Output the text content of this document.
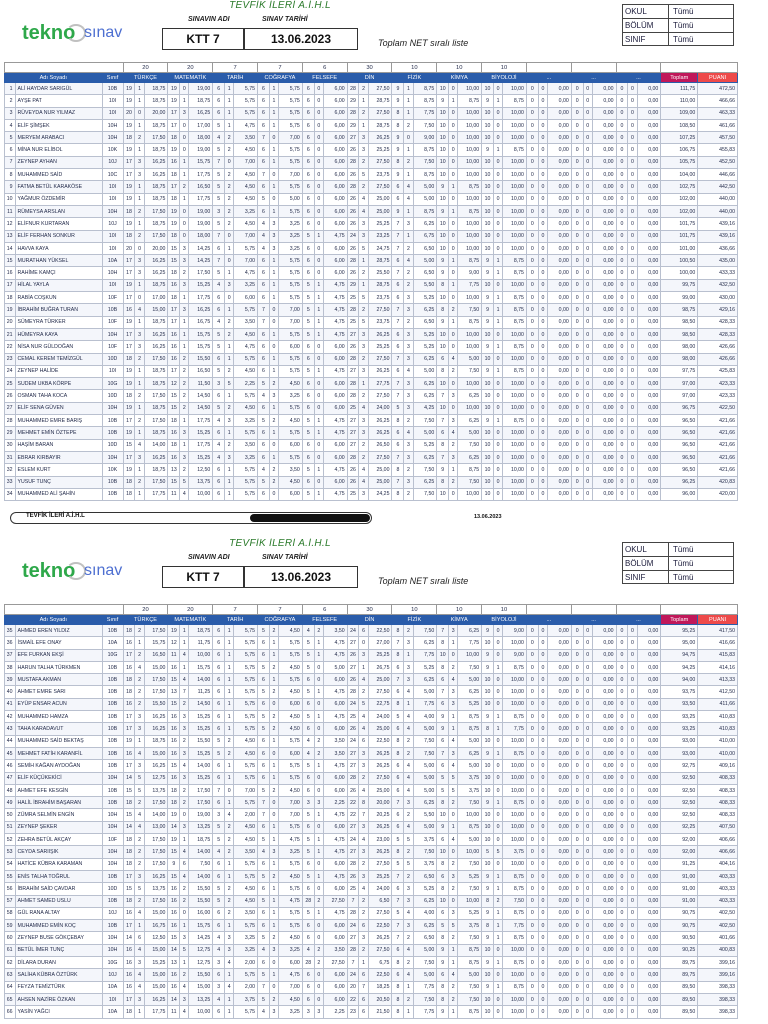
TEVFİK İLERİ A.İ.H.L
tekno sınav
SINAVIN ADI	SINAV TARİHİ
KTT 7	13.06.2023	Toplam NET sıralı liste
OKUL	Tümü
BÖLÜM	Tümü
SINIF	Tümü
			20			20			7			7			6			30			10			10			10													
Adı Soyadı		Sınıf	TÜRKÇE			MATEMATİK			TARİH			COĞRAFYA			FELSEFE			DİN			FİZİK			KİMYA			BİYOLOJİ			...			...			...			Toplam	PUANI
1	ALİ HAYDAR SARIGÜL	10B	19	1	18,75	19	0	19,00	6	1	5,75	6	1	5,75	6	0	6,00	28	2	27,50	9	1	8,75	10	0	10,00	10	0	10,00	0	0	0,00	0	0	0,00	0	0	0,00	111,75	472,50
2	AYŞE PAT	10I	19	1	18,75	19	1	18,75	6	1	5,75	6	1	5,75	6	0	6,00	29	1	28,75	9	1	8,75	9	1	8,75	9	1	8,75	0	0	0,00	0	0	0,00	0	0	0,00	110,00	466,66
3	RÜVEYDA NUR YILMAZ	10I	20	0	20,00	17	3	16,25	6	1	5,75	6	1	5,75	6	0	6,00	28	2	27,50	8	1	7,75	10	0	10,00	10	0	10,00	0	0	0,00	0	0	0,00	0	0	0,00	109,00	463,33
4	ELİF ŞİMŞEK	10H	19	1	18,75	17	0	17,00	5	1	4,75	6	1	5,75	6	0	6,00	29	1	28,75	8	2	7,50	10	0	10,00	10	0	10,00	0	0	0,00	0	0	0,00	0	0	0,00	108,50	461,66
5	MERYEM ARABACI	10H	18	2	17,50	18	0	18,00	4	2	3,50	7	0	7,00	6	0	6,00	27	3	26,25	9	0	9,00	10	0	10,00	10	0	10,00	0	0	0,00	0	0	0,00	0	0	0,00	107,25	457,50
6	MİNA NUR ELİBOL	10K	19	1	18,75	19	0	19,00	5	2	4,50	6	1	5,75	6	0	6,00	26	3	25,25	9	1	8,75	10	0	10,00	9	1	8,75	0	0	0,00	0	0	0,00	0	0	0,00	106,75	455,83
7	ZEYNEP AYHAN	10J	17	3	16,25	16	1	15,75	7	0	7,00	6	1	5,75	6	0	6,00	28	2	27,50	8	2	7,50	10	0	10,00	10	0	10,00	0	0	0,00	0	0	0,00	0	0	0,00	105,75	452,50
8	MUHAMMED SAİD	10C	17	3	16,25	18	1	17,75	5	2	4,50	7	0	7,00	6	0	6,00	26	5	23,75	9	1	8,75	10	0	10,00	10	0	10,00	0	0	0,00	0	0	0,00	0	0	0,00	104,00	446,66
9	FATMA BETÜL KARAKÖSE	10I	19	1	18,75	17	2	16,50	5	2	4,50	6	1	5,75	6	0	6,00	28	2	27,50	6	4	5,00	9	1	8,75	10	0	10,00	0	0	0,00	0	0	0,00	0	0	0,00	102,75	442,50
10	YAĞMUR ÖZDEMİR	10I	19	1	18,75	18	1	17,75	5	2	4,50	5	0	5,00	6	0	6,00	26	4	25,00	6	4	5,00	10	0	10,00	10	0	10,00	0	0	0,00	0	0	0,00	0	0	0,00	102,00	440,00
11	RÜMEYSA ARSLAN	10H	18	2	17,50	19	0	19,00	3	2	3,25	6	1	5,75	6	0	6,00	26	4	25,00	9	1	8,75	9	1	8,75	10	0	10,00	0	0	0,00	0	0	0,00	0	0	0,00	102,00	440,00
12	ELİFNUR KURTARAN	10J	19	1	18,75	19	0	19,00	5	2	4,50	4	3	3,25	6	0	6,00	26	3	25,25	7	3	6,25	10	0	10,00	10	0	10,00	0	0	0,00	0	0	0,00	0	0	0,00	101,75	439,16
13	ELİF FERHAN SONKUR	10I	18	2	17,50	18	0	18,00	7	0	7,00	4	3	3,25	5	1	4,75	24	3	23,25	7	1	6,75	10	0	10,00	10	0	10,00	0	0	0,00	0	0	0,00	0	0	0,00	101,75	439,16
14	HAVVA KAYA	10I	20	0	20,00	15	3	14,25	6	1	5,75	4	3	3,25	6	0	6,00	26	5	24,75	7	2	6,50	10	0	10,00	10	0	10,00	0	0	0,00	0	0	0,00	0	0	0,00	101,00	436,66
15	MURATHAN YÜKSEL	10A	17	3	16,25	15	3	14,25	7	0	7,00	6	1	5,75	6	0	6,00	28	1	28,75	6	4	5,00	9	1	8,75	9	1	8,75	0	0	0,00	0	0	0,00	0	0	0,00	100,50	435,00
16	RAHİME KAMÇI	10H	17	3	16,25	18	2	17,50	5	1	4,75	6	1	5,75	6	0	6,00	26	2	25,50	7	2	6,50	9	0	9,00	9	1	8,75	0	0	0,00	0	0	0,00	0	0	0,00	100,00	433,33
17	HİLAL YAYLA	10I	19	1	18,75	16	3	15,25	4	3	3,25	6	1	5,75	5	1	4,75	29	1	28,75	6	2	5,50	8	1	7,75	10	0	10,00	0	0	0,00	0	0	0,00	0	0	0,00	99,75	432,50
18	RABİA COŞKUN	10F	17	0	17,00	18	1	17,75	6	0	6,00	6	1	5,75	5	1	4,75	25	5	23,75	6	3	5,25	10	0	10,00	9	1	8,75	0	0	0,00	0	0	0,00	0	0	0,00	99,00	430,00
19	İBRAHİM BUĞRA TURAN	10B	16	4	15,00	17	3	16,25	6	1	5,75	7	0	7,00	5	1	4,75	28	2	27,50	7	3	6,25	8	2	7,50	9	1	8,75	0	0	0,00	0	0	0,00	0	0	0,00	98,75	429,16
20	SÜMEYRA TÜRKER	10F	19	1	18,75	17	1	16,75	4	2	3,50	7	0	7,00	5	1	4,75	25	5	23,75	7	2	6,50	9	1	8,75	9	1	8,75	0	0	0,00	0	0	0,00	0	0	0,00	98,50	428,33
21	HÜMEYRA KAYA	10H	17	3	16,25	16	1	15,75	5	2	4,50	6	1	5,75	5	1	4,75	27	3	26,25	6	3	5,25	10	0	10,00	10	0	10,00	0	0	0,00	0	0	0,00	0	0	0,00	98,50	428,33
22	NİSA NUR GÜLDOĞAN	10F	17	3	16,25	16	1	15,75	5	1	4,75	6	0	6,00	6	0	6,00	26	3	25,25	6	3	5,25	10	0	10,00	9	1	8,75	0	0	0,00	0	0	0,00	0	0	0,00	98,00	426,66
23	CEMAL KEREM TEMİZGÜL	10D	18	2	17,50	16	2	15,50	6	1	5,75	6	1	5,75	6	0	6,00	28	2	27,50	7	3	6,25	6	4	5,00	10	0	10,00	0	0	0,00	0	0	0,00	0	0	0,00	98,00	426,66
24	ZEYNEP HALİDE	10I	19	1	18,75	17	2	16,50	5	2	4,50	6	1	5,75	5	1	4,75	27	3	26,25	6	4	5,00	8	2	7,50	9	1	8,75	0	0	0,00	0	0	0,00	0	0	0,00	97,75	425,83
25	SUDEM UKBA KÖRPE	10G	19	1	18,75	12	2	11,50	3	5	2,25	5	2	4,50	6	0	6,00	28	1	27,75	7	3	6,25	10	0	10,00	10	0	10,00	0	0	0,00	0	0	0,00	0	0	0,00	97,00	423,33
26	OSMAN TAHA KOCA	10D	18	2	17,50	15	2	14,50	6	1	5,75	4	3	3,25	6	0	6,00	28	2	27,50	7	3	6,25	7	3	6,25	10	0	10,00	0	0	0,00	0	0	0,00	0	0	0,00	97,00	423,33
27	ELİF SENA GÜVEN	10H	19	1	18,75	15	2	14,50	5	2	4,50	6	1	5,75	6	0	6,00	25	4	24,00	5	3	4,25	10	0	10,00	10	0	10,00	0	0	0,00	0	0	0,00	0	0	0,00	96,75	422,50
28	MUHAMMED EMRE BARIŞ	10B	17	2	17,50	18	1	17,75	4	3	3,25	5	2	4,50	5	1	4,75	27	3	26,25	8	2	7,50	7	3	6,25	9	1	8,75	0	0	0,00	0	0	0,00	0	0	0,00	96,50	421,66
29	MEHMET EMİN ÖZTEPE	10B	19	1	18,75	16	3	15,25	6	1	5,75	6	1	5,75	5	1	4,75	27	3	26,25	6	4	5,00	6	4	5,00	10	0	10,00	0	0	0,00	0	0	0,00	0	0	0,00	96,50	421,66
30	HAŞİM BARAN	10D	15	4	14,00	18	1	17,75	4	2	3,50	6	0	6,00	6	0	6,00	27	2	26,50	6	3	5,25	8	2	7,50	10	0	10,00	0	0	0,00	0	0	0,00	0	0	0,00	96,50	421,66
31	EBRAR KIRBAYIR	10H	17	3	16,25	16	3	15,25	4	3	3,25	6	1	5,75	6	0	6,00	28	2	27,50	7	3	6,25	7	3	6,25	10	0	10,00	0	0	0,00	0	0	0,00	0	0	0,00	96,50	421,66
32	ESLEM KURT	10K	19	1	18,75	13	2	12,50	6	1	5,75	4	2	3,50	5	1	4,75	26	4	25,00	8	2	7,50	9	1	8,75	10	0	10,00	0	0	0,00	0	0	0,00	0	0	0,00	96,50	421,66
33	YUSUF TUNÇ	10B	18	2	17,50	15	5	13,75	6	1	5,75	5	2	4,50	6	0	6,00	26	4	25,00	7	3	6,25	8	2	7,50	10	0	10,00	0	0	0,00	0	0	0,00	0	0	0,00	96,25	420,83
34	MUHAMMED ALİ ŞAHİN	10B	18	1	17,75	11	4	10,00	6	1	5,75	6	0	6,00	5	1	4,75	25	3	24,25	8	2	7,50	10	0	10,00	10	0	10,00	0	0	0,00	0	0	0,00	0	0	0,00	96,00	420,00
TEVFİK İLERİ A.İ.H.L	13.06.2023
TEVFİK İLERİ A.İ.H.L
tekno sınav
SINAVIN ADI	SINAV TARİHİ
KTT 7	13.06.2023	Toplam NET sıralı liste
OKUL	Tümü
BÖLÜM	Tümü
SINIF	Tümü
			20			20			7			7			6			30			10			10			10													
Adı Soyadı		Sınıf	TÜRKÇE			MATEMATİK			TARİH			COĞRAFYA			FELSEFE			DİN			FİZİK			KİMYA			BİYOLOJİ			...			...			...			Toplam	PUANI
35	AHMED EREN YILDIZ	10B	18	2	17,50	19	1	18,75	6	1	5,75	5	2	4,50	4	2	3,50	24	6	22,50	8	2	7,50	7	3	6,25	9	0	9,00	0	0	0,00	0	0	0,00	0	0	0,00	95,25	417,50
36	İSMAİL EFE ONAY	10A	16	1	15,75	12	1	11,75	6	1	5,75	6	1	5,75	5	1	4,75	27	0	27,00	7	3	6,25	8	1	7,75	10	0	10,00	0	0	0,00	0	0	0,00	0	0	0,00	95,00	416,66
37	EFE FURKAN EKŞİ	10G	17	2	16,50	11	4	10,00	6	1	5,75	6	1	5,75	5	1	4,75	26	3	25,25	8	1	7,75	10	0	10,00	9	0	9,00	0	0	0,00	0	0	0,00	0	0	0,00	94,75	415,83
38	HARUN TALHA TÜRKMEN	10B	16	4	15,00	16	1	15,75	6	1	5,75	5	2	4,50	5	0	5,00	27	1	26,75	6	3	5,25	8	2	7,50	9	1	8,75	0	0	0,00	0	0	0,00	0	0	0,00	94,25	414,16
39	MUSTAFA AKMAN	10B	18	2	17,50	15	4	14,00	6	1	5,75	6	1	5,75	6	0	6,00	26	4	25,00	7	3	6,25	6	4	5,00	10	0	10,00	0	0	0,00	0	0	0,00	0	0	0,00	94,00	413,33
40	AHMET EMRE SARI	10B	18	2	17,50	13	7	11,25	6	1	5,75	5	2	4,50	5	1	4,75	28	2	27,50	6	4	5,00	7	3	6,25	10	0	10,00	0	0	0,00	0	0	0,00	0	0	0,00	93,75	412,50
41	EYÜP ENSAR ACUN	10B	16	2	15,50	15	2	14,50	6	1	5,75	6	0	6,00	6	0	6,00	24	5	22,75	8	1	7,75	6	3	5,25	10	0	10,00	0	0	0,00	0	0	0,00	0	0	0,00	93,50	411,66
42	MUHAMMED HAMZA	10B	17	3	16,25	16	3	15,25	6	1	5,75	5	2	4,50	5	1	4,75	25	4	24,00	5	4	4,00	9	1	8,75	9	1	8,75	0	0	0,00	0	0	0,00	0	0	0,00	93,25	410,83
43	TAHA KARADAVUT	10B	17	3	16,25	16	3	15,25	6	1	5,75	5	2	4,50	6	0	6,00	26	4	25,00	6	4	5,00	9	1	8,75	8	1	7,75	0	0	0,00	0	0	0,00	0	0	0,00	93,25	410,83
44	MUHAMMED SAİD BEKTAŞ	10B	19	1	18,75	16	2	15,50	5	2	4,50	6	1	5,75	4	2	3,50	24	6	22,50	8	2	7,50	6	4	5,00	10	0	10,00	0	0	0,00	0	0	0,00	0	0	0,00	93,00	410,00
45	MEHMET FATİH KARANFİL	10B	16	4	15,00	16	3	15,25	5	2	4,50	6	0	6,00	4	2	3,50	27	3	26,25	8	2	7,50	7	3	6,25	9	1	8,75	0	0	0,00	0	0	0,00	0	0	0,00	93,00	410,00
46	SEMİH KAĞAN AYDOĞAN	10B	17	3	16,25	15	4	14,00	6	1	5,75	6	1	5,75	5	1	4,75	27	3	26,25	6	4	5,00	6	4	5,00	10	0	10,00	0	0	0,00	0	0	0,00	0	0	0,00	92,75	409,16
47	ELİF KÜÇÜKEKİCİ	10H	14	5	12,75	16	3	15,25	6	1	5,75	6	1	5,75	6	0	6,00	28	2	27,50	6	4	5,00	5	5	3,75	10	0	10,00	0	0	0,00	0	0	0,00	0	0	0,00	92,50	408,33
48	AHMET EFE KESGİN	10B	15	5	13,75	18	2	17,50	7	0	7,00	5	2	4,50	6	0	6,00	26	4	25,00	6	4	5,00	5	5	3,75	10	0	10,00	0	0	0,00	0	0	0,00	0	0	0,00	92,50	408,33
49	HALİL İBRAHİM BAŞARAN	10B	18	2	17,50	18	2	17,50	6	1	5,75	7	0	7,00	3	3	2,25	22	8	20,00	7	3	6,25	8	2	7,50	9	1	8,75	0	0	0,00	0	0	0,00	0	0	0,00	92,50	408,33
50	ZÜMRA SELMİN ENGİN	10H	15	4	14,00	19	0	19,00	3	4	2,00	7	0	7,00	5	1	4,75	22	7	20,25	6	2	5,50	10	0	10,00	10	0	10,00	0	0	0,00	0	0	0,00	0	0	0,00	92,50	408,33
51	ZEYNEP ŞEKER	10H	14	4	13,00	14	3	13,25	5	2	4,50	6	1	5,75	6	0	6,00	27	3	26,25	6	4	5,00	9	1	8,75	10	0	10,00	0	0	0,00	0	0	0,00	0	0	0,00	92,25	407,50
52	ZEHRA BETÜL AKÇAY	10F	18	2	17,50	19	1	18,75	5	2	4,50	5	1	4,75	5	1	4,75	24	4	23,00	5	5	3,75	6	4	5,00	10	0	10,00	0	0	0,00	0	0	0,00	0	0	0,00	92,00	406,66
53	CEYDA SARIIŞIK	10H	18	2	17,50	15	4	14,00	4	2	3,50	4	3	3,25	5	1	4,75	27	3	26,25	8	2	7,50	10	0	10,00	5	5	3,75	0	0	0,00	0	0	0,00	0	0	0,00	92,00	406,66
54	HATİCE KÜBRA KARAMAN	10H	18	2	17,50	9	6	7,50	6	1	5,75	6	1	5,75	6	0	6,00	28	2	27,50	5	5	3,75	8	2	7,50	10	0	10,00	0	0	0,00	0	0	0,00	0	0	0,00	91,25	404,16
55	ENİS TALHA TOĞRUL	10B	17	3	16,25	15	4	14,00	6	1	5,75	5	2	4,50	5	1	4,75	26	3	25,25	7	2	6,50	6	3	5,25	9	1	8,75	0	0	0,00	0	0	0,00	0	0	0,00	91,00	403,33
56	İBRAHİM SAİD ÇAVDAR	10D	15	5	13,75	16	2	15,50	5	2	4,50	6	1	5,75	6	0	6,00	25	4	24,00	6	3	5,25	8	2	7,50	9	1	8,75	0	0	0,00	0	0	0,00	0	0	0,00	91,00	403,33
57	AHMET SAMED USLU	10B	18	2	17,50	16	2	15,50	5	2	4,50	5	1	4,75	28	2	27,50	7	2	6,50	7	3	6,25	10	0	10,00	8	2	7,50	0	0	0,00	0	0	0,00	0	0	0,00	91,00	403,33
58	GÜL RANA ALTAY	10J	16	4	15,00	16	0	16,00	6	2	3,50	6	1	5,75	5	1	4,75	28	2	27,50	5	4	4,00	6	3	5,25	9	1	8,75	0	0	0,00	0	0	0,00	0	0	0,00	90,75	402,50
59	MUHAMMED EMİN KOÇ	10B	17	1	16,75	16	1	15,75	6	1	5,75	6	1	5,75	6	0	6,00	24	6	22,50	7	3	6,25	5	5	3,75	8	1	7,75	0	0	0,00	0	0	0,00	0	0	0,00	90,75	402,50
60	ZEYNEP BUSE GÖKÇEBAY	10H	14	6	12,50	15	3	14,25	4	3	3,25	5	2	4,50	6	0	6,00	27	3	26,25	7	2	6,50	8	2	7,50	9	1	8,75	0	0	0,00	0	0	0,00	0	0	0,00	90,50	401,66
61	BETÜL İMER TUNÇ	10H	16	4	15,00	14	5	12,75	4	3	3,25	4	3	3,25	4	2	3,50	28	2	27,50	6	4	5,00	9	1	8,75	10	0	10,00	0	0	0,00	0	0	0,00	0	0	0,00	90,25	400,83
62	DİLARA DURAN	10G	16	3	15,25	13	1	12,75	3	4	2,00	6	0	6,00	28	2	27,50	7	1	6,75	8	2	7,50	9	1	8,75	9	1	8,75	0	0	0,00	0	0	0,00	0	0	0,00	89,75	399,16
63	SALİHA KÜBRA ÖZTÜRK	10J	16	4	15,00	16	2	15,50	6	1	5,75	5	1	4,75	6	0	6,00	24	6	22,50	6	4	5,00	6	4	5,00	10	0	10,00	0	0	0,00	0	0	0,00	0	0	0,00	89,75	399,16
64	FEYZA TEMİZTÜRK	10A	16	4	15,00	16	4	15,00	3	4	2,00	7	0	7,00	6	0	6,00	20	7	18,25	8	1	7,75	8	2	7,50	9	1	8,75	0	0	0,00	0	0	0,00	0	0	0,00	89,50	398,33
65	AHSEN NAZİRE ÖZKAN	10I	17	3	16,25	14	3	13,25	4	1	3,75	5	2	4,50	6	0	6,00	22	6	20,50	8	2	7,50	8	2	7,50	10	0	10,00	0	0	0,00	0	0	0,00	0	0	0,00	89,50	398,33
66	YASİN YAĞCI	10A	18	1	17,75	11	4	10,00	6	1	5,75	4	3	3,25	3	3	2,25	23	6	21,50	8	1	7,75	9	1	8,75	10	0	10,00	0	0	0,00	0	0	0,00	0	0	0,00	89,50	398,33
